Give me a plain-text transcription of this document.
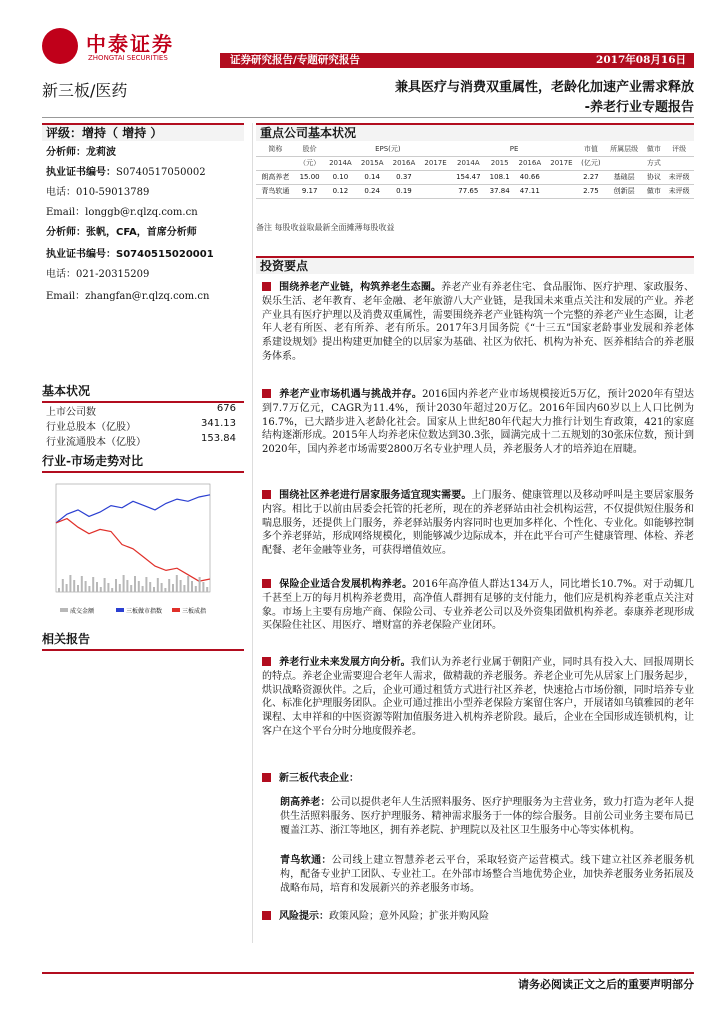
中泰证券
ZHONGTAI SECURITIES	证券研究报告/专题研究报告	2017年08月16日
新三板/医药	兼具医疗与消费双重属性，老龄化加速产业需求释放
-养老行业专题报告
评级：增持（ 增持 ）
分析师：龙莉波
执业证书编号：S0740517050002
电话：010-59013789
Email：longgb@r.qlzq.com.cn
分析师：张帆，CFA，首席分析师
执业证书编号：S0740515020001
电话：021-20315209
Email：zhangfan@r.qlzq.com.cn
基本状况
上市公司数	676
行业总股本（亿股）	341.13
行业流通股本（亿股）	153.84
行业-市场走势对比
成交金额	三板做市指数	三板成指
相关报告
重点公司基本状况
简称	股价	EPS(元)				PE				市值	所属层级	做市	评级
	（元）	2014A	2015A	2016A	2017E	2014A	2015	2016A	2017E	(亿元)		方式	
朗高养老	15.00	0.10	0.14	0.37		154.47	108.1	40.66		2.27	基础层	协议	未评级
青鸟软通	9.17	0.12	0.24	0.19		77.65	37.84	47.11		2.75	创新层	做市	未评级
备注 每股收益取最新全面摊薄每股收益
投资要点
围绕养老产业链，构筑养老生态圈。养老产业有养老住宅、食品服饰、医疗护理、家政服务、娱乐生活、老年教育、老年金融、老年旅游八大产业链，是我国未来重点关注和发展的产业。养老产业具有医疗护理以及消费双重属性，需要围绕养老产业链构筑一个完整的养老产业生态圈，让老年人老有所医、老有所养、老有所乐。2017年3月国务院《“十三五”国家老龄事业发展和养老体系建设规划》提出构建更加健全的以居家为基础、社区为依托、机构为补充、医养相结合的养老服务体系。
养老产业市场机遇与挑战并存。2016国内养老产业市场规模接近5万亿，预计2020年有望达到7.7万亿元，CAGR为11.4%，预计2030年超过20万亿。2016年国内60岁以上人口比例为16.7%，已大踏步进入老龄化社会。国家从上世纪80年代起大力推行计划生育政策，421的家庭结构逐渐形成。2015年人均养老床位数达到30.3张，圆满完成十二五规划的30张床位数，预计到2020年，国内养老市场需要2800万名专业护理人员，养老服务人才的培养迫在眉睫。
围绕社区养老进行居家服务适宜现实需要。上门服务、健康管理以及移动呼叫是主要居家服务内容。相比于以前由居委会托管的托老所，现在的养老驿站由社会机构运营，不仅提供短住服务和喘息服务，还提供上门服务，养老驿站服务内容同时也更加多样化、个性化、专业化。如能够控制多个养老驿站，形成网络规模化，则能够减少边际成本，并在此平台可产生健康管理、体检、养老配餐、老年金融等业务，可获得增值效应。
保险企业适合发展机构养老。2016年高净值人群达134万人，同比增长10.7%。对于动辄几千甚至上万的每月机构养老费用，高净值人群拥有足够的支付能力，他们应是机构养老重点关注对象。市场上主要有房地产商、保险公司、专业养老公司以及外资集团做机构养老。泰康养老现形成买保险住社区、用医疗、增财富的养老保险产业闭环。
养老行业未来发展方向分析。我们认为养老行业属于朝阳产业，同时具有投入大、回报周期长的特点。养老企业需要迎合老年人需求，做精裁的养老服务。养老企业可先从居家上门服务起步，烘识战略资源伙伴。之后，企业可通过租赁方式进行社区养老，快速抢占市场份额，同时培养专业化、标准化护理服务团队。企业可通过推出小型养老保险方案留住客户，开展诸如乌镇雅园的老年课程、太申祥和的中医资源等附加值服务进入机构养老阶段。最后，企业在全国形成连锁机构，让客户在这个平台分时分地度假养老。
新三板代表企业：
朗高养老：公司以提供老年人生活照料服务、医疗护理服务为主营业务，致力打造为老年人提供生活照料服务、医疗护理服务、精神需求服务于一体的综合服务。目前公司业务主要布局已覆盖江苏、浙江等地区，拥有养老院、护理院以及社区卫生服务中心等实体机构。
青鸟软通：公司线上建立智慧养老云平台，采取轻资产运营模式。线下建立社区养老服务机构，配备专业护工团队、专业社工。在外部市场整合当地优势企业，加快养老服务业务拓展及战略布局，培育和发展新兴的养老服务市场。
风险提示：政策风险；意外风险；扩张并购风险
请务必阅读正文之后的重要声明部分
